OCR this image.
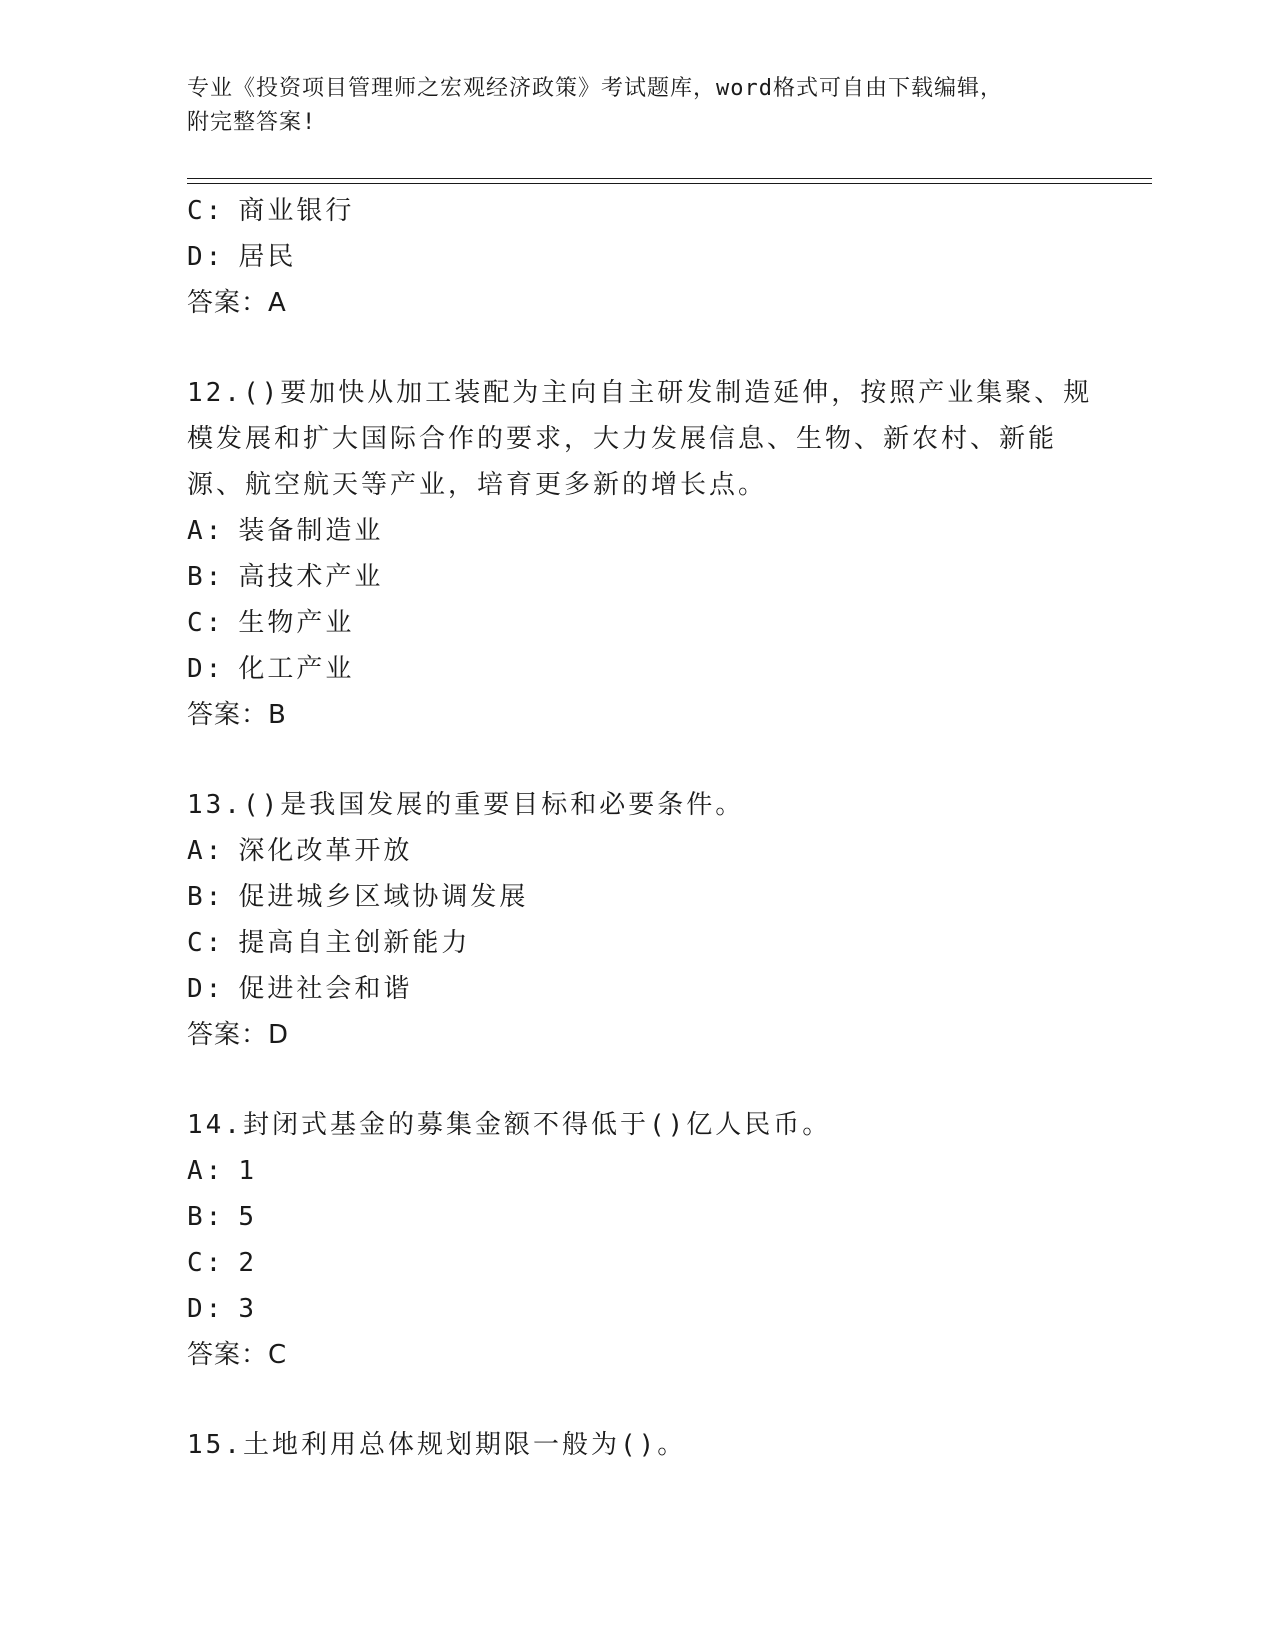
专业《投资项目管理师之宏观经济政策》考试题库，word格式可自由下载编辑，
附完整答案!
C: 商业银行
D: 居民
答案：A
12.()要加快从加工装配为主向自主研发制造延伸，按照产业集聚、规
模发展和扩大国际合作的要求，大力发展信息、生物、新农村、新能
源、航空航天等产业，培育更多新的增长点。
A: 装备制造业
B: 高技术产业
C: 生物产业
D: 化工产业
答案：B
13.()是我国发展的重要目标和必要条件。
A: 深化改革开放
B: 促进城乡区域协调发展
C: 提高自主创新能力
D: 促进社会和谐
答案：D
14.封闭式基金的募集金额不得低于()亿人民币。
A: 1
B: 5
C: 2
D: 3
答案：C
15.土地利用总体规划期限一般为()。
